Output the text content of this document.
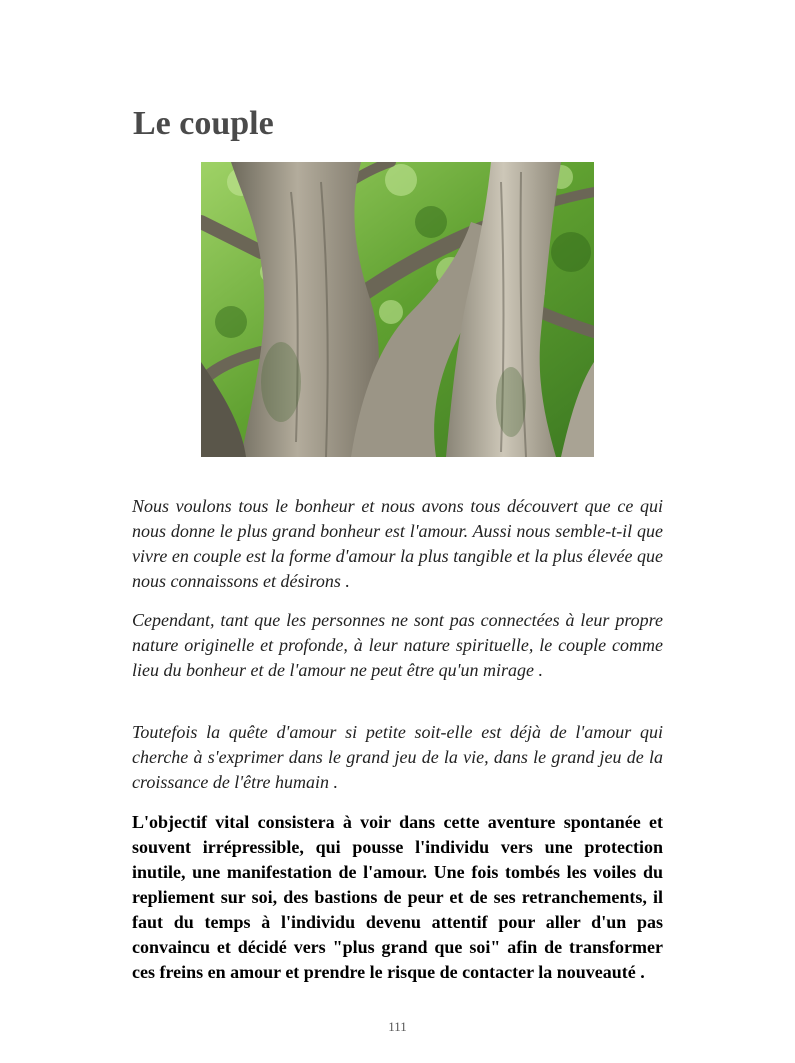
Le couple

Nous voulons tous le bonheur et nous avons tous découvert que ce qui nous donne le plus grand bonheur est l'amour. Aussi nous semble-t-il que vivre en couple est la forme d'amour la plus tangible et la plus élevée que nous connaissons et désirons .

Cependant, tant que les personnes ne sont pas connectées à leur propre nature originelle et profonde, à leur nature spirituelle, le couple comme lieu du bonheur et de l'amour ne peut être qu'un mirage .

Toutefois la quête d'amour si petite soit-elle est déjà de l'amour qui cherche à s'exprimer dans le grand jeu de la vie, dans le grand jeu de la croissance de l'être humain .

L'objectif vital consistera à voir dans cette aventure spontanée et souvent irrépressible, qui pousse l'individu vers une protection inutile, une manifestation de l'amour. Une fois tombés les voiles du repliement sur soi, des bastions de peur et de ses retranchements, il faut du temps à l'individu devenu attentif pour aller d'un pas convaincu et décidé vers "plus grand que soi" afin de transformer ces freins en amour et prendre le risque de contacter la nouveauté .

111
